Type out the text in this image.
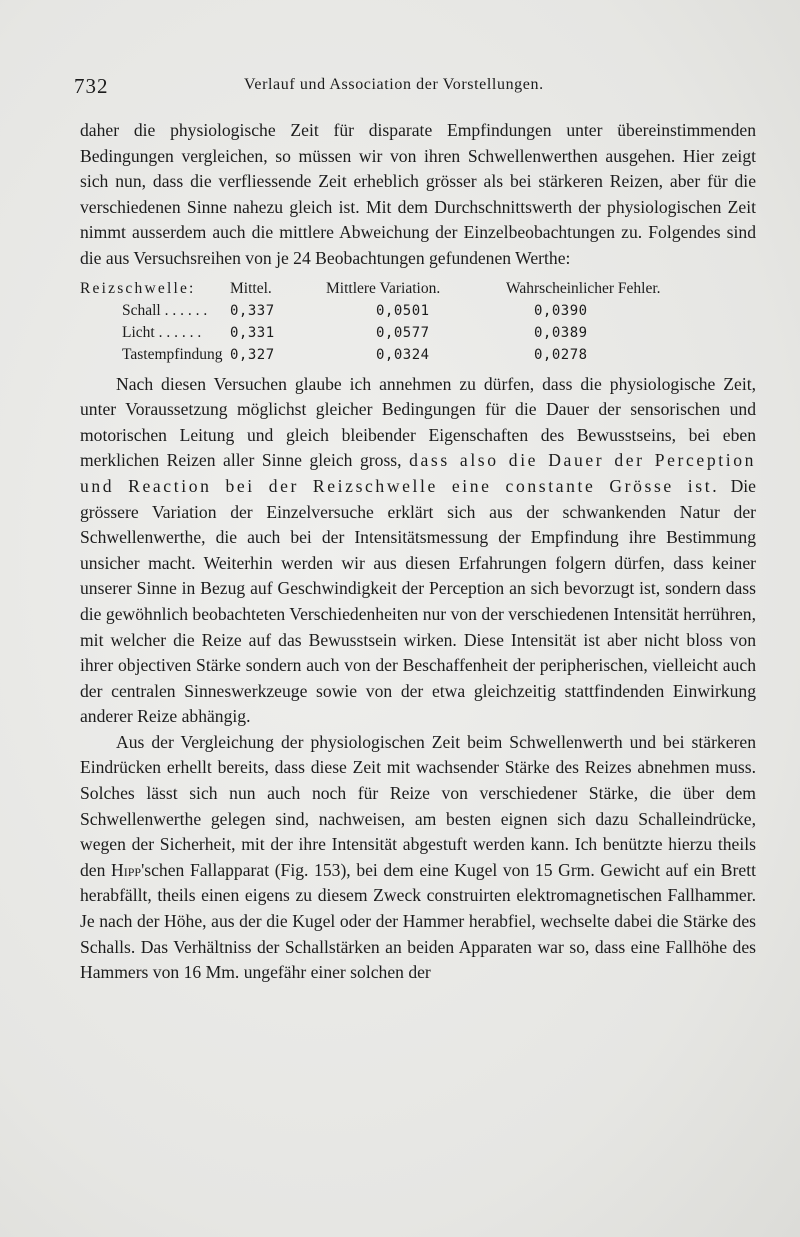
732	Verlauf und Association der Vorstellungen.

daher die physiologische Zeit für disparate Empfindungen unter übereinstimmenden Bedingungen vergleichen, so müssen wir von ihren Schwellenwerthen ausgehen. Hier zeigt sich nun, dass die verfliessende Zeit erheblich grösser als bei stärkeren Reizen, aber für die verschiedenen Sinne nahezu gleich ist. Mit dem Durchschnittswerth der physiologischen Zeit nimmt ausserdem auch die mittlere Abweichung der Einzelbeobachtungen zu. Folgendes sind die aus Versuchsreihen von je 24 Beobachtungen gefundenen Werthe:

Reizschwelle:	Mittel.	Mittlere Variation.	Wahrscheinlicher Fehler.
Schall . . . . . .	0,337	0,0501	0,0390
Licht . . . . . .	0,331	0,0577	0,0389
Tastempfindung	0,327	0,0324	0,0278

Nach diesen Versuchen glaube ich annehmen zu dürfen, dass die physiologische Zeit, unter Voraussetzung möglichst gleicher Bedingungen für die Dauer der sensorischen und motorischen Leitung und gleich bleibender Eigenschaften des Bewusstseins, bei eben merklichen Reizen aller Sinne gleich gross, dass also die Dauer der Perception und Reaction bei der Reizschwelle eine constante Grösse ist. Die grössere Variation der Einzelversuche erklärt sich aus der schwankenden Natur der Schwellenwerthe, die auch bei der Intensitätsmessung der Empfindung ihre Bestimmung unsicher macht. Weiterhin werden wir aus diesen Erfahrungen folgern dürfen, dass keiner unserer Sinne in Bezug auf Geschwindigkeit der Perception an sich bevorzugt ist, sondern dass die gewöhnlich beobachteten Verschiedenheiten nur von der verschiedenen Intensität herrühren, mit welcher die Reize auf das Bewusstsein wirken. Diese Intensität ist aber nicht bloss von ihrer objectiven Stärke sondern auch von der Beschaffenheit der peripherischen, vielleicht auch der centralen Sinneswerkzeuge sowie von der etwa gleichzeitig stattfindenden Einwirkung anderer Reize abhängig.

Aus der Vergleichung der physiologischen Zeit beim Schwellenwerth und bei stärkeren Eindrücken erhellt bereits, dass diese Zeit mit wachsender Stärke des Reizes abnehmen muss. Solches lässt sich nun auch noch für Reize von verschiedener Stärke, die über dem Schwellenwerthe gelegen sind, nachweisen, am besten eignen sich dazu Schalleindrücke, wegen der Sicherheit, mit der ihre Intensität abgestuft werden kann. Ich benützte hierzu theils den Hipp'schen Fallapparat (Fig. 153), bei dem eine Kugel von 15 Grm. Gewicht auf ein Brett herabfällt, theils einen eigens zu diesem Zweck construirten elektromagnetischen Fallhammer. Je nach der Höhe, aus der die Kugel oder der Hammer herabfiel, wechselte dabei die Stärke des Schalls. Das Verhältniss der Schallstärken an beiden Apparaten war so, dass eine Fallhöhe des Hammers von 16 Mm. ungefähr einer solchen der
